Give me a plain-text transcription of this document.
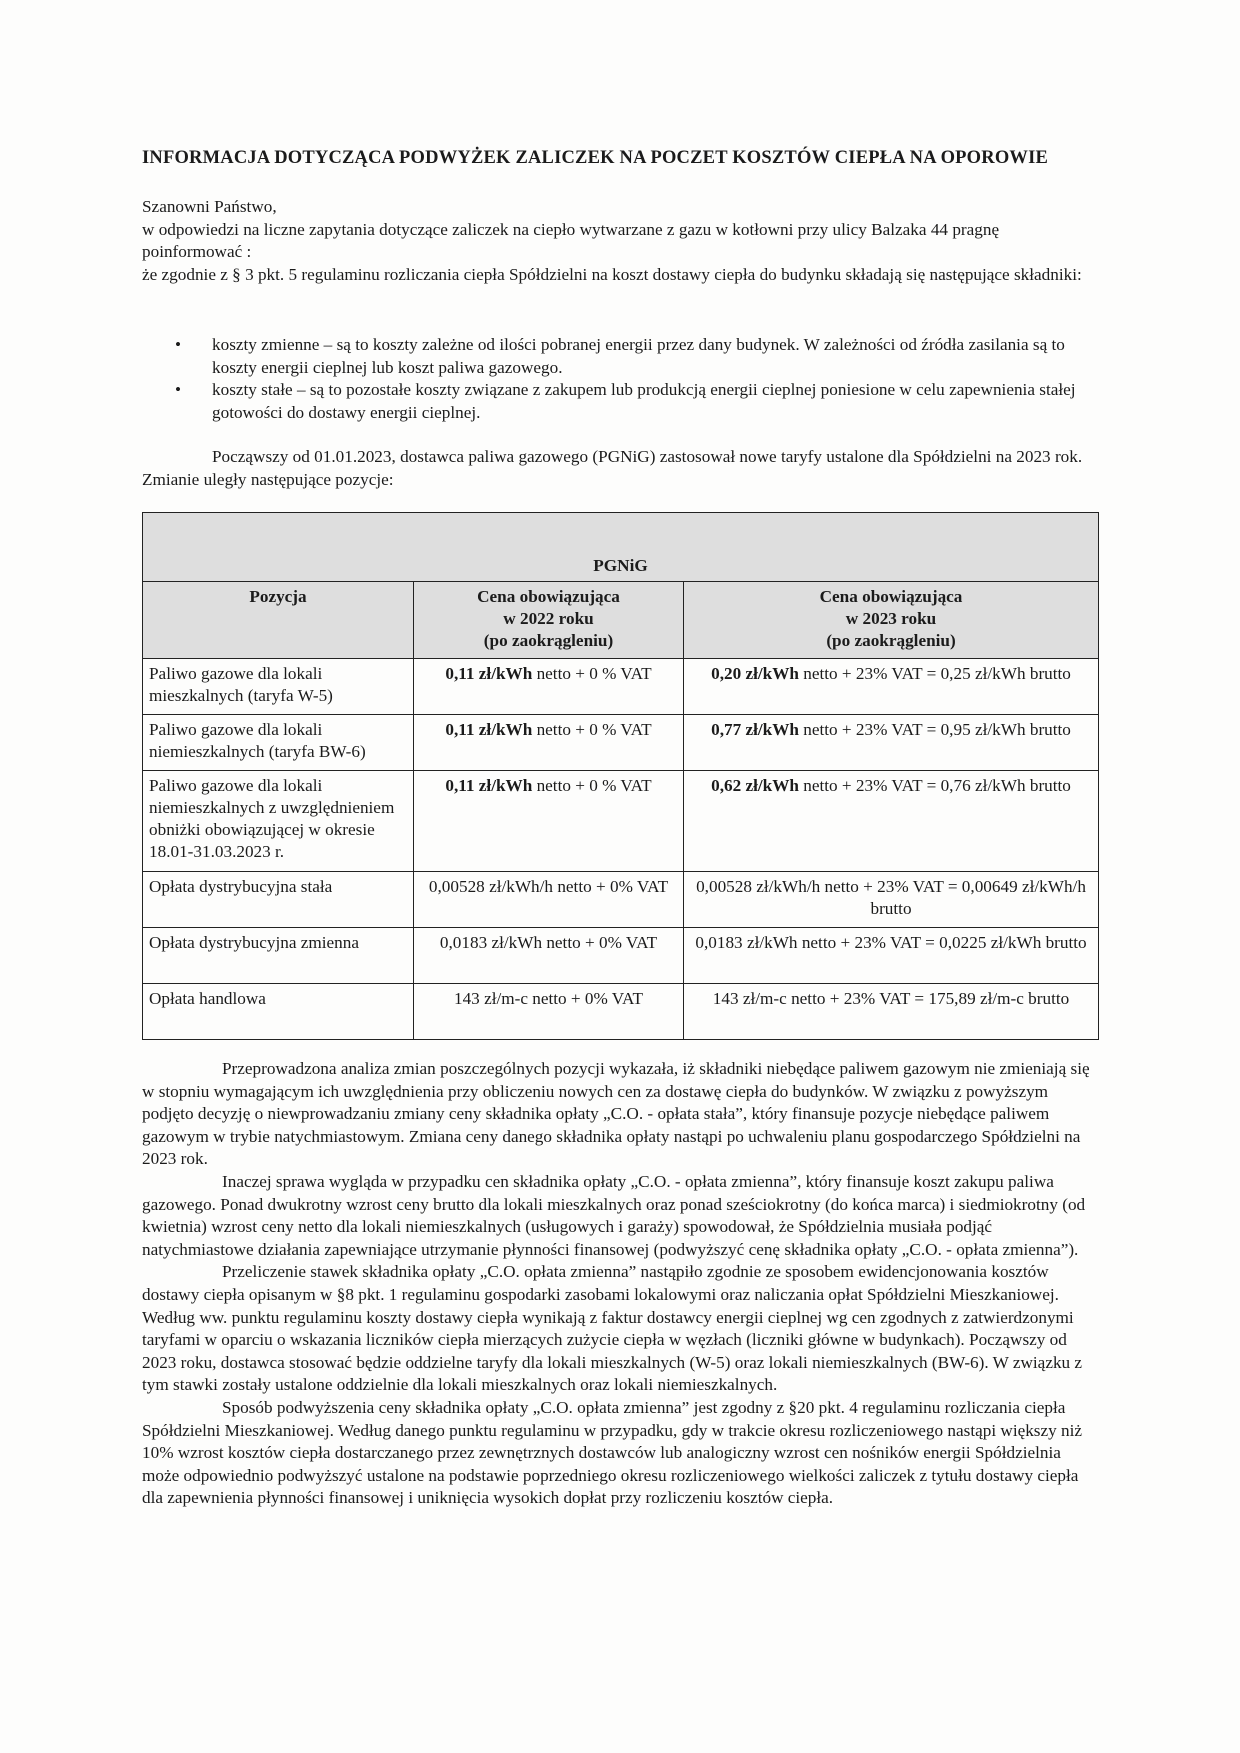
INFORMACJA DOTYCZĄCA PODWYŻEK ZALICZEK NA POCZET KOSZTÓW CIEPŁA NA OPOROWIE

Szanowni Państwo,

w odpowiedzi na liczne zapytania dotyczące zaliczek na ciepło wytwarzane z gazu w kotłowni przy ulicy Balzaka 44 pragnę poinformować :

że zgodnie z § 3 pkt. 5 regulaminu rozliczania ciepła Spółdzielni na koszt dostawy ciepła do budynku składają się następujące składniki:

• koszty zmienne – są to koszty zależne od ilości pobranej energii przez dany budynek. W zależności od źródła zasilania są to koszty energii cieplnej lub koszt paliwa gazowego.
• koszty stałe – są to pozostałe koszty związane z zakupem lub produkcją energii cieplnej poniesione w celu zapewnienia stałej gotowości do dostawy energii cieplnej.

Począwszy od 01.01.2023, dostawca paliwa gazowego (PGNiG) zastosował nowe taryfy ustalone dla Spółdzielni na 2023 rok. Zmianie uległy następujące pozycje:

PGNiG		
Pozycja	Cena obowiązująca
w 2022 roku
(po zaokrągleniu)	Cena obowiązująca
w 2023 roku
(po zaokrągleniu)
Paliwo gazowe dla lokali mieszkalnych (taryfa W-5)	0,11 zł/kWh netto + 0 % VAT	0,20 zł/kWh netto + 23% VAT = 0,25 zł/kWh brutto
Paliwo gazowe dla lokali niemieszkalnych (taryfa BW-6)	0,11 zł/kWh netto + 0 % VAT	0,77 zł/kWh netto + 23% VAT = 0,95 zł/kWh brutto
Paliwo gazowe dla lokali niemieszkalnych z uwzględnieniem obniżki obowiązującej w okresie 18.01-31.03.2023 r.	0,11 zł/kWh netto + 0 % VAT	0,62 zł/kWh netto + 23% VAT = 0,76 zł/kWh brutto
Opłata dystrybucyjna stała	0,00528 zł/kWh/h netto + 0% VAT	0,00528 zł/kWh/h netto + 23% VAT = 0,00649 zł/kWh/h brutto
Opłata dystrybucyjna zmienna	0,0183 zł/kWh netto + 0% VAT	0,0183 zł/kWh netto + 23% VAT = 0,0225 zł/kWh brutto
Opłata handlowa	143 zł/m-c netto + 0% VAT	143 zł/m-c netto + 23% VAT = 175,89 zł/m-c brutto

Przeprowadzona analiza zmian poszczególnych pozycji wykazała, iż składniki niebędące paliwem gazowym nie zmieniają się w stopniu wymagającym ich uwzględnienia przy obliczeniu nowych cen za dostawę ciepła do budynków. W związku z powyższym podjęto decyzję o niewprowadzaniu zmiany ceny składnika opłaty „C.O. - opłata stała”, który finansuje pozycje niebędące paliwem gazowym w trybie natychmiastowym. Zmiana ceny danego składnika opłaty nastąpi po uchwaleniu planu gospodarczego Spółdzielni na 2023 rok.

Inaczej sprawa wygląda w przypadku cen składnika opłaty „C.O. - opłata zmienna”, który finansuje koszt zakupu paliwa gazowego. Ponad dwukrotny wzrost ceny brutto dla lokali mieszkalnych oraz ponad sześciokrotny (do końca marca) i siedmiokrotny (od kwietnia) wzrost ceny netto dla lokali niemieszkalnych (usługowych i garaży) spowodował, że Spółdzielnia musiała podjąć natychmiastowe działania zapewniające utrzymanie płynności finansowej (podwyższyć cenę składnika opłaty „C.O. - opłata zmienna”).

Przeliczenie stawek składnika opłaty „C.O. opłata zmienna” nastąpiło zgodnie ze sposobem ewidencjonowania kosztów dostawy ciepła opisanym w §8 pkt. 1 regulaminu gospodarki zasobami lokalowymi oraz naliczania opłat Spółdzielni Mieszkaniowej. Według ww. punktu regulaminu koszty dostawy ciepła wynikają z faktur dostawcy energii cieplnej wg cen zgodnych z zatwierdzonymi taryfami w oparciu o wskazania liczników ciepła mierzących zużycie ciepła w węzłach (liczniki główne w budynkach). Począwszy od 2023 roku, dostawca stosować będzie oddzielne taryfy dla lokali mieszkalnych (W-5) oraz lokali niemieszkalnych (BW-6). W związku z tym stawki zostały ustalone oddzielnie dla lokali mieszkalnych oraz lokali niemieszkalnych.

Sposób podwyższenia ceny składnika opłaty „C.O. opłata zmienna” jest zgodny z §20 pkt. 4 regulaminu rozliczania ciepła Spółdzielni Mieszkaniowej. Według danego punktu regulaminu w przypadku, gdy w trakcie okresu rozliczeniowego nastąpi większy niż 10% wzrost kosztów ciepła dostarczanego przez zewnętrznych dostawców lub analogiczny wzrost cen nośników energii Spółdzielnia może odpowiednio podwyższyć ustalone na podstawie poprzedniego okresu rozliczeniowego wielkości zaliczek z tytułu dostawy ciepła dla zapewnienia płynności finansowej i uniknięcia wysokich dopłat przy rozliczeniu kosztów ciepła.
